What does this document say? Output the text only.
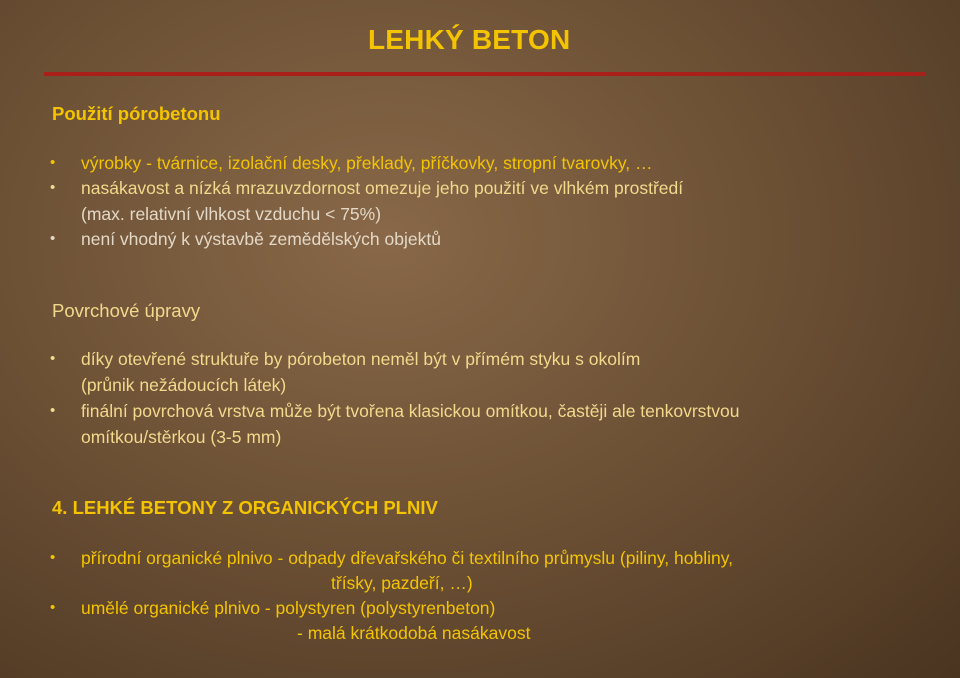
LEHKÝ BETON
Použití pórobetonu
• výrobky - tvárnice, izolační desky, překlady, příčkovky, stropní tvarovky, …
• nasákavost a nízká mrazuvzdornost omezuje jeho použití ve vlhkém prostředí
(max. relativní vlhkost vzduchu < 75%)
• není vhodný k výstavbě zemědělských objektů
Povrchové úpravy
• díky otevřené struktuře by pórobeton neměl být v přímém styku s okolím
(průnik nežádoucích látek)
• finální povrchová vrstva může být tvořena klasickou omítkou, častěji ale tenkovrstvou
omítkou/stěrkou (3-5 mm)
4. LEHKÉ BETONY Z ORGANICKÝCH PLNIV
• přírodní organické plnivo - odpady dřevařského či textilního průmyslu (piliny, hobliny,
třísky, pazdeří, …)
• umělé organické plnivo - polystyren (polystyrenbeton)
- malá krátkodobá nasákavost
